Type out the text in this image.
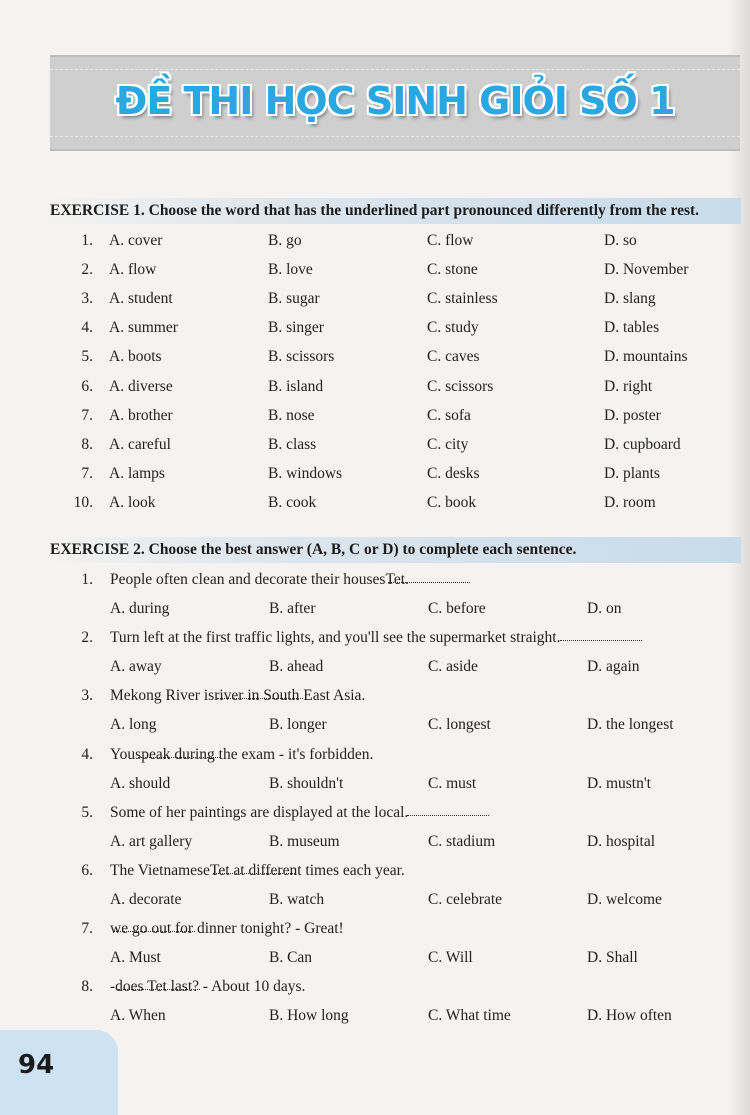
ĐỀ THI HỌC SINH GIỎI SỐ 1
EXERCISE 1. Choose the word that has the underlined part pronounced differently from the rest.
1. A. cover	B. go	C. flow	D. so
2. A. flow	B. love	C. stone	D. November
3. A. student	B. sugar	C. stainless	D. slang
4. A. summer	B. singer	C. study	D. tables
5. A. boots	B. scissors	C. caves	D. mountains
6. A. diverse	B. island	C. scissors	D. right
7. A. brother	B. nose	C. sofa	D. poster
8. A. careful	B. class	C. city	D. cupboard
7. A. lamps	B. windows	C. desks	D. plants
10. A. look	B. cook	C. book	D. room
EXERCISE 2. Choose the best answer (A, B, C or D) to complete each sentence.
1. People often clean and decorate their houses
Tet.
A. during	B. after	C. before	D. on
2. Turn left at the first traffic lights, and you'll see the supermarket straight
.
A. away	B. ahead	C. aside	D. again
3. Mekong River is
river in South East Asia.
A. long	B. longer	C. longest	D. the longest
4. You
speak during the exam - it's forbidden.
A. should	B. shouldn't	C. must	D. mustn't
5. Some of her paintings are displayed at the local
.
A. art gallery	B. museum	C. stadium	D. hospital
6. The Vietnamese
Tet at different times each year.
A. decorate	B. watch	C. celebrate	D. welcome
7. we go out for dinner tonight? - Great!
A. Must	B. Can	C. Will	D. Shall
8. -
does Tet last? - About 10 days.
A. When	B. How long	C. What time	D. How often
94
